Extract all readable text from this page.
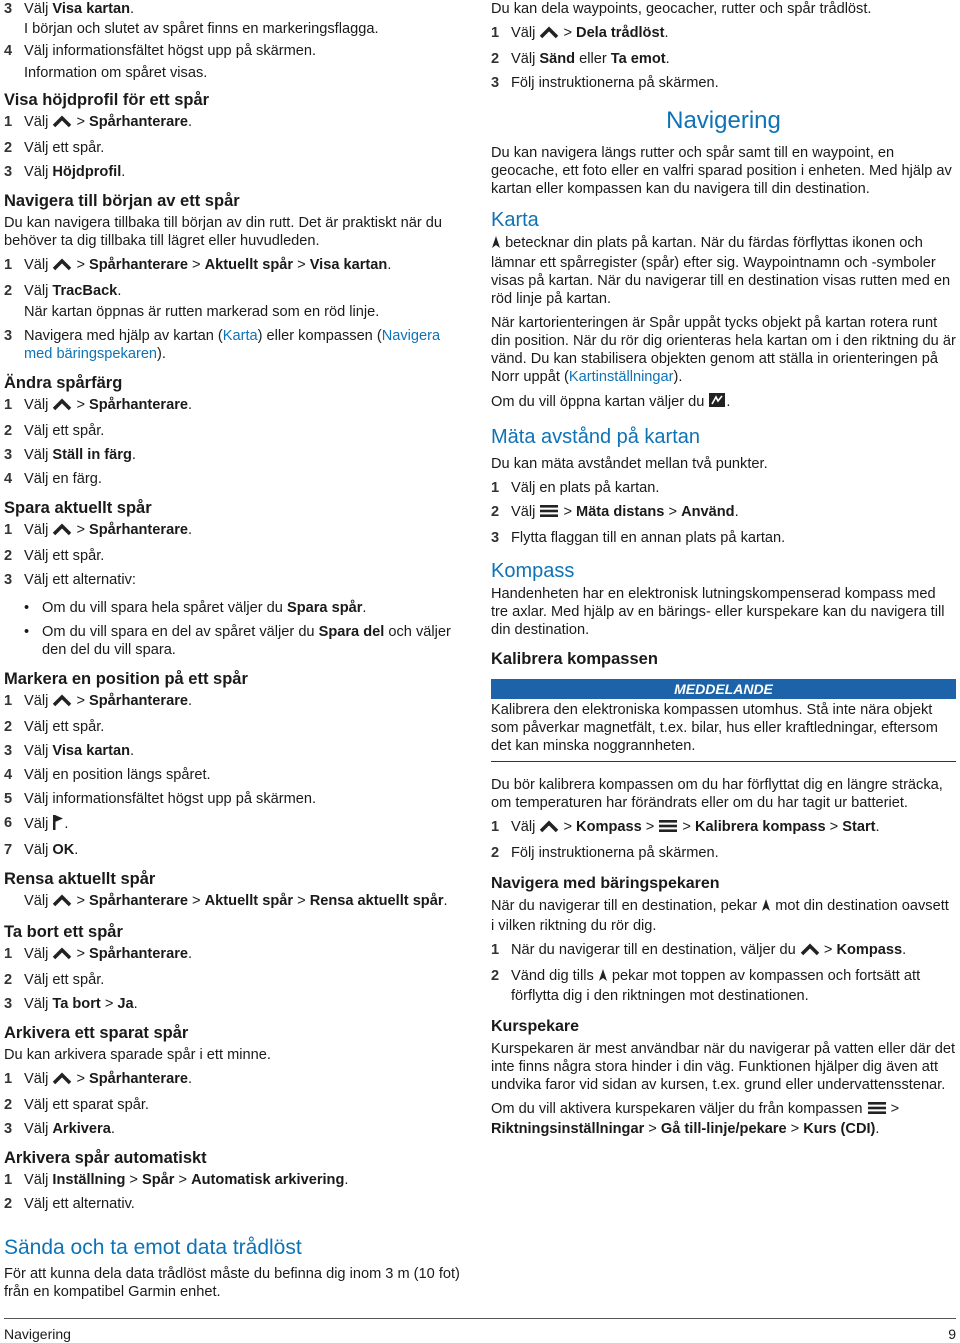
3 Välj Visa kartan.
I början och slutet av spåret finns en markeringsflagga.
4 Välj informationsfältet högst upp på skärmen.
Information om spåret visas.
Visa höjdprofil för ett spår
1 Välj  > Spårhanterare.
2 Välj ett spår.
3 Välj Höjdprofil.
Navigera till början av ett spår
Du kan navigera tillbaka till början av din rutt. Det är praktiskt när du behöver ta dig tillbaka till lägret eller huvudleden.
1 Välj  > Spårhanterare > Aktuellt spår > Visa kartan.
2 Välj TracBack.
När kartan öppnas är rutten markerad som en röd linje.
3 Navigera med hjälp av kartan (Karta) eller kompassen (Navigera med bäringspekaren).
Ändra spårfärg
1 Välj  > Spårhanterare.
2 Välj ett spår.
3 Välj Ställ in färg.
4 Välj en färg.
Spara aktuellt spår
1 Välj  > Spårhanterare.
2 Välj ett spår.
3 Välj ett alternativ:
• Om du vill spara hela spåret väljer du Spara spår.
• Om du vill spara en del av spåret väljer du Spara del och väljer den del du vill spara.
Markera en position på ett spår
1 Välj  > Spårhanterare.
2 Välj ett spår.
3 Välj Visa kartan.
4 Välj en position längs spåret.
5 Välj informationsfältet högst upp på skärmen.
6 Välj .
7 Välj OK.
Rensa aktuellt spår
Välj  > Spårhanterare > Aktuellt spår > Rensa aktuellt spår.
Ta bort ett spår
1 Välj  > Spårhanterare.
2 Välj ett spår.
3 Välj Ta bort > Ja.
Arkivera ett sparat spår
Du kan arkivera sparade spår i ett minne.
1 Välj  > Spårhanterare.
2 Välj ett sparat spår.
3 Välj Arkivera.
Arkivera spår automatiskt
1 Välj Inställning > Spår > Automatisk arkivering.
2 Välj ett alternativ.
Sända och ta emot data trådlöst
För att kunna dela data trådlöst måste du befinna dig inom 3 m (10 fot) från en kompatibel Garmin enhet.
Du kan dela waypoints, geocacher, rutter och spår trådlöst.
1 Välj  > Dela trådlöst.
2 Välj Sänd eller Ta emot.
3 Följ instruktionerna på skärmen.
Navigering
Du kan navigera längs rutter och spår samt till en waypoint, en geocache, ett foto eller en valfri sparad position i enheten. Med hjälp av kartan eller kompassen kan du navigera till din destination.
Karta
betecknar din plats på kartan. När du färdas förflyttas ikonen och lämnar ett spårregister (spår) efter sig. Waypointnamn och -symboler visas på kartan. När du navigerar till en destination visas rutten med en röd linje på kartan.
När kartorienteringen är Spår uppåt tycks objekt på kartan rotera runt din position. När du rör dig orienteras hela kartan om i den riktning du är vänd. Du kan stabilisera objekten genom att ställa in orienteringen på Norr uppåt (Kartinställningar).
Om du vill öppna kartan väljer du .
Mäta avstånd på kartan
Du kan mäta avståndet mellan två punkter.
1 Välj en plats på kartan.
2 Välj  > Mäta distans > Använd.
3 Flytta flaggan till en annan plats på kartan.
Kompass
Handenheten har en elektronisk lutningskompenserad kompass med tre axlar. Med hjälp av en bärings- eller kurspekare kan du navigera till din destination.
Kalibrera kompassen
MEDDELANDE
Kalibrera den elektroniska kompassen utomhus. Stå inte nära objekt som påverkar magnetfält, t.ex. bilar, hus eller kraftledningar, eftersom det kan minska noggrannheten.
Du bör kalibrera kompassen om du har förflyttat dig en längre sträcka, om temperaturen har förändrats eller om du har tagit ur batteriet.
1 Välj  > Kompass >  > Kalibrera kompass > Start.
2 Följ instruktionerna på skärmen.
Navigera med bäringspekaren
När du navigerar till en destination, pekar mot din destination oavsett i vilken riktning du rör dig.
1 När du navigerar till en destination, väljer du  > Kompass.
2 Vänd dig tills pekar mot toppen av kompassen och fortsätt att förflytta dig i den riktningen mot destinationen.
Kurspekare
Kurspekaren är mest användbar när du navigerar på vatten eller där det inte finns några stora hinder i din väg. Funktionen hjälper dig även att undvika faror vid sidan av kursen, t.ex. grund eller undervattensstenar.
Om du vill aktivera kurspekaren väljer du från kompassen  > Riktningsinställningar > Gå till-linje/pekare > Kurs (CDI).
Navigering	9
